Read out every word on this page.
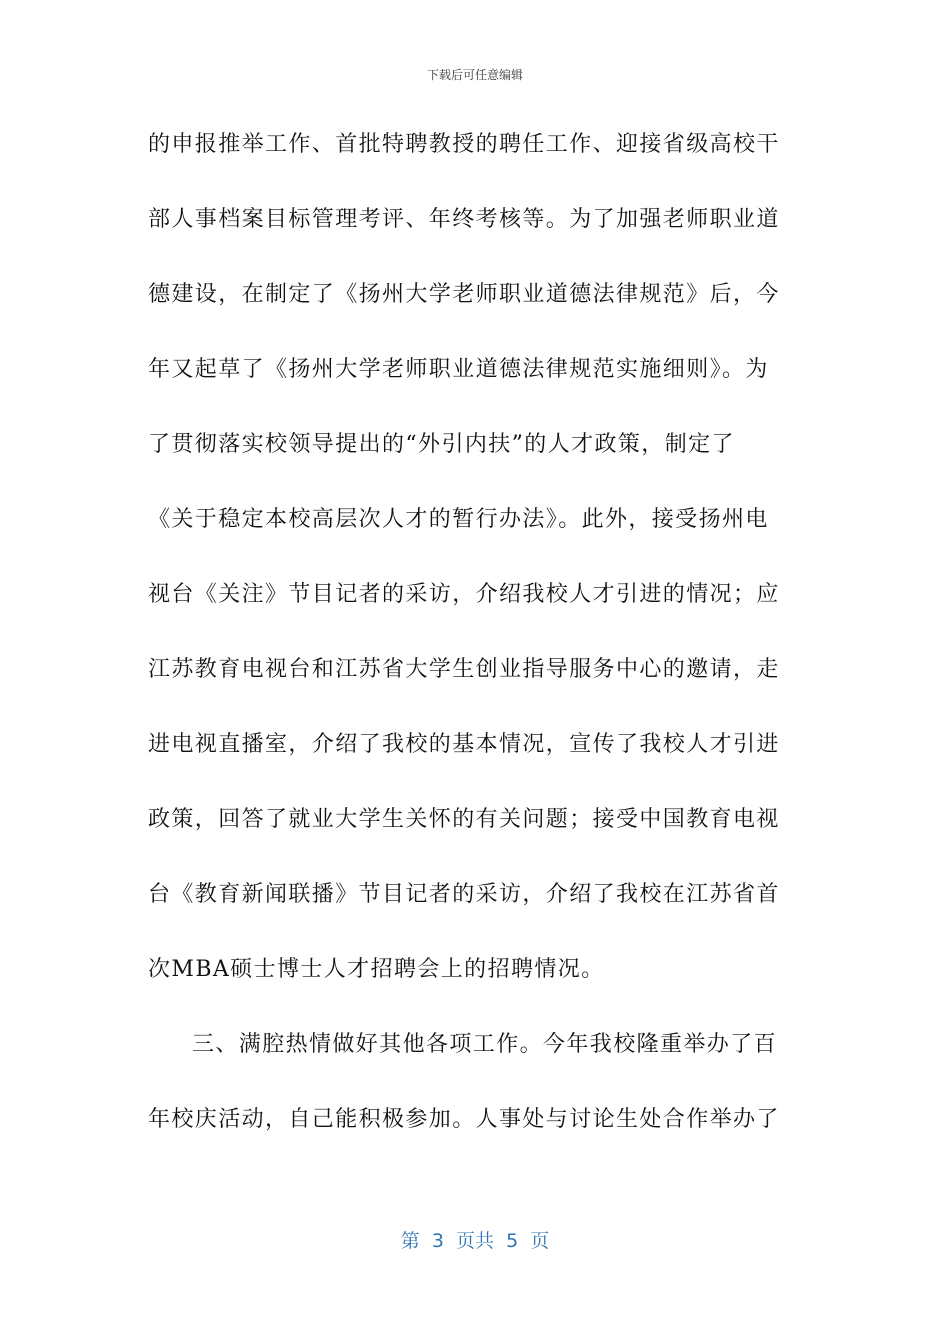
下载后可任意编辑
的申报推举工作、首批特聘教授的聘任工作、迎接省级高校干
部人事档案目标管理考评、年终考核等。为了加强老师职业道
德建设，在制定了《扬州大学老师职业道德法律规范》后，今
年又起草了《扬州大学老师职业道德法律规范实施细则》。为
了贯彻落实校领导提出的“外引内扶”的人才政策，制定了
《关于稳定本校高层次人才的暂行办法》。此外，接受扬州电
视台《关注》节目记者的采访，介绍我校人才引进的情况；应
江苏教育电视台和江苏省大学生创业指导服务中心的邀请，走
进电视直播室，介绍了我校的基本情况，宣传了我校人才引进
政策，回答了就业大学生关怀的有关问题；接受中国教育电视
台《教育新闻联播》节目记者的采访，介绍了我校在江苏省首
次MBA硕士博士人才招聘会上的招聘情况。
三、满腔热情做好其他各项工作。今年我校隆重举办了百
年校庆活动，自己能积极参加。人事处与讨论生处合作举办了
第  3  页共  5  页
